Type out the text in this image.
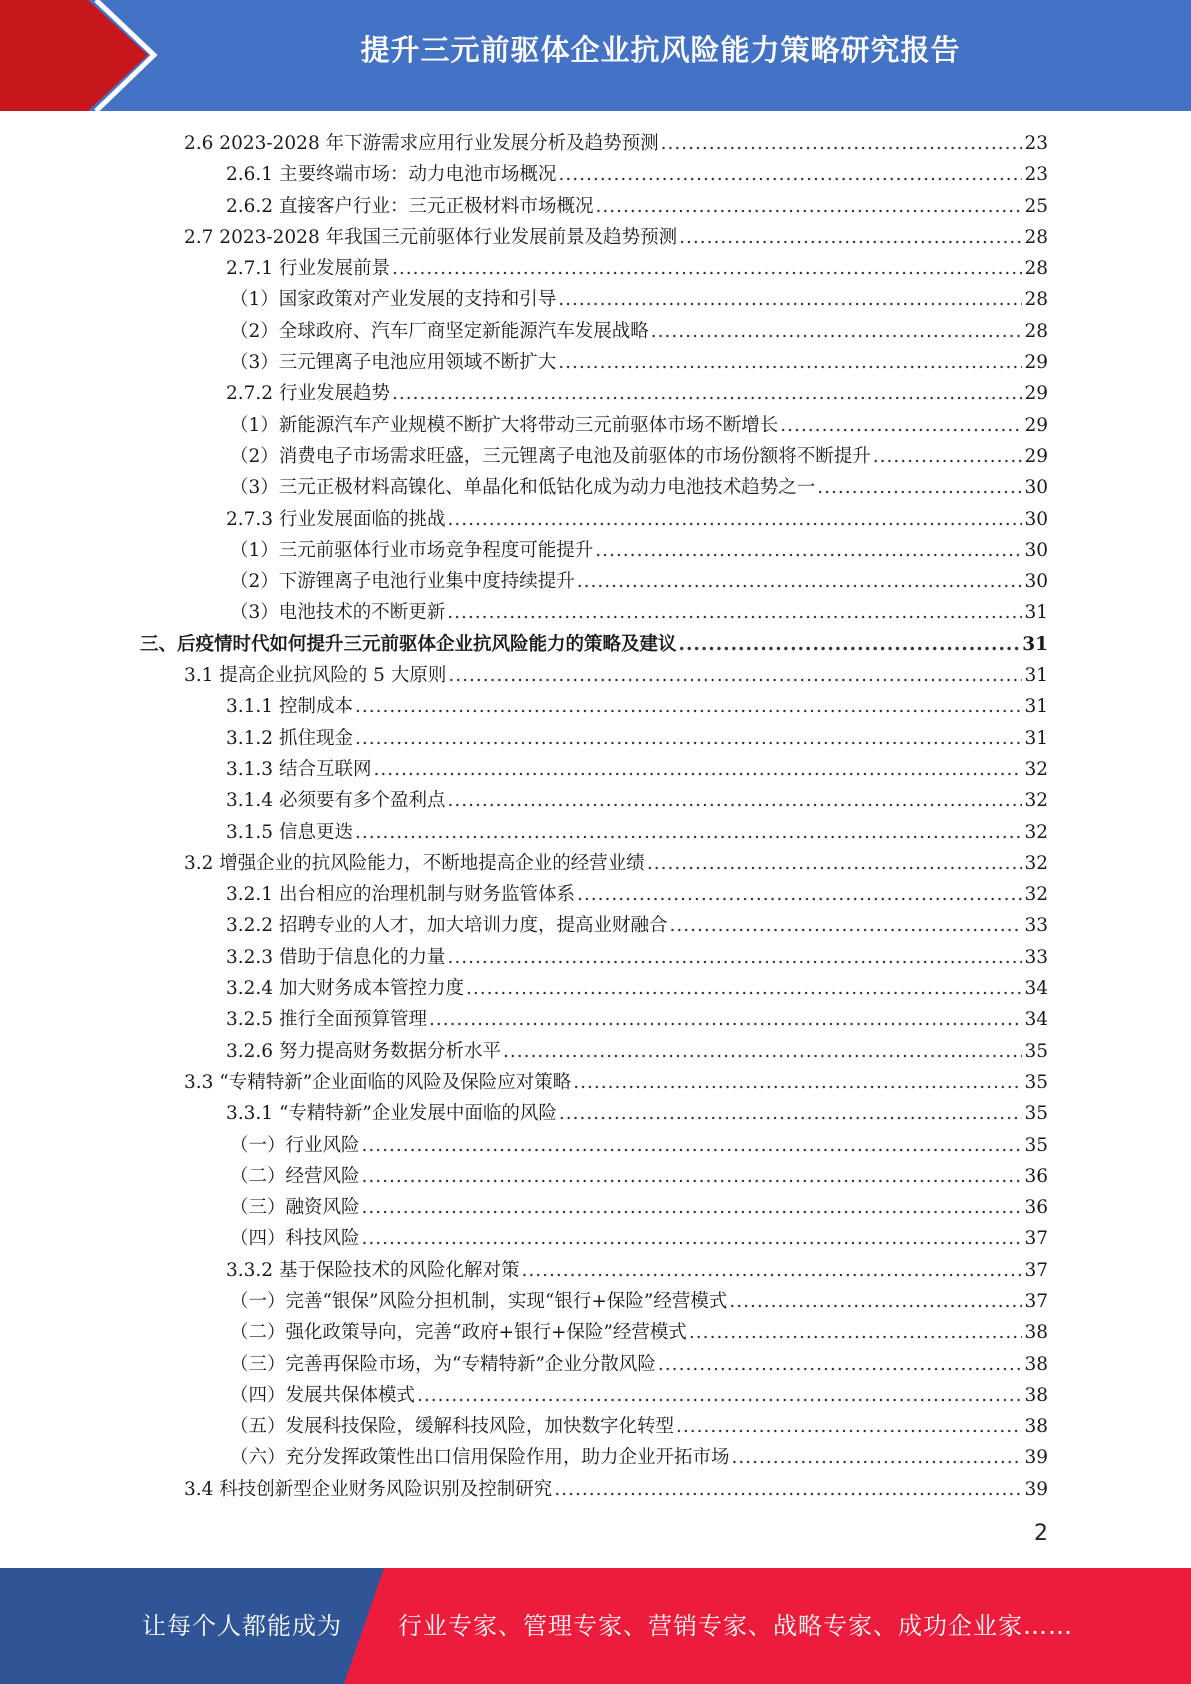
提升三元前驱体企业抗风险能力策略研究报告
2.6 2023-2028 年下游需求应用行业发展分析及趋势预测 .....	23
2.6.1 主要终端市场：动力电池市场概况 .....	23
2.6.2 直接客户行业：三元正极材料市场概况 .....	25
2.7 2023-2028 年我国三元前驱体行业发展前景及趋势预测 .....	28
2.7.1 行业发展前景 .....	28
（1）国家政策对产业发展的支持和引导 .....	28
（2）全球政府、汽车厂商坚定新能源汽车发展战略 .....	28
（3）三元锂离子电池应用领域不断扩大 .....	29
2.7.2 行业发展趋势 .....	29
（1）新能源汽车产业规模不断扩大将带动三元前驱体市场不断增长 .....	29
（2）消费电子市场需求旺盛，三元锂离子电池及前驱体的市场份额将不断提升 .....	29
（3）三元正极材料高镍化、单晶化和低钴化成为动力电池技术趋势之一 .....	30
2.7.3 行业发展面临的挑战 .....	30
（1）三元前驱体行业市场竞争程度可能提升 .....	30
（2）下游锂离子电池行业集中度持续提升 .....	30
（3）电池技术的不断更新 .....	31
三、后疫情时代如何提升三元前驱体企业抗风险能力的策略及建议 .....	31
3.1 提高企业抗风险的 5 大原则 .....	31
3.1.1 控制成本 .....	31
3.1.2 抓住现金 .....	31
3.1.3 结合互联网 .....	32
3.1.4 必须要有多个盈利点 .....	32
3.1.5 信息更迭 .....	32
3.2 增强企业的抗风险能力，不断地提高企业的经营业绩 .....	32
3.2.1 出台相应的治理机制与财务监管体系 .....	32
3.2.2 招聘专业的人才，加大培训力度，提高业财融合 .....	33
3.2.3 借助于信息化的力量 .....	33
3.2.4 加大财务成本管控力度 .....	34
3.2.5 推行全面预算管理 .....	34
3.2.6 努力提高财务数据分析水平 .....	35
3.3 “专精特新”企业面临的风险及保险应对策略 .....	35
3.3.1 “专精特新”企业发展中面临的风险 .....	35
（一）行业风险 .....	35
（二）经营风险 .....	36
（三）融资风险 .....	36
（四）科技风险 .....	37
3.3.2 基于保险技术的风险化解对策 .....	37
（一）完善“银保”风险分担机制，实现“银行+保险”经营模式 .....	37
（二）强化政策导向，完善“政府+银行+保险”经营模式 .....	38
（三）完善再保险市场，为“专精特新”企业分散风险 .....	38
（四）发展共保体模式 .....	38
（五）发展科技保险，缓解科技风险，加快数字化转型 .....	38
（六）充分发挥政策性出口信用保险作用，助力企业开拓市场 .....	39
3.4 科技创新型企业财务风险识别及控制研究 .....	39
2
让每个人都能成为 行业专家、管理专家、营销专家、战略专家、成功企业家……
